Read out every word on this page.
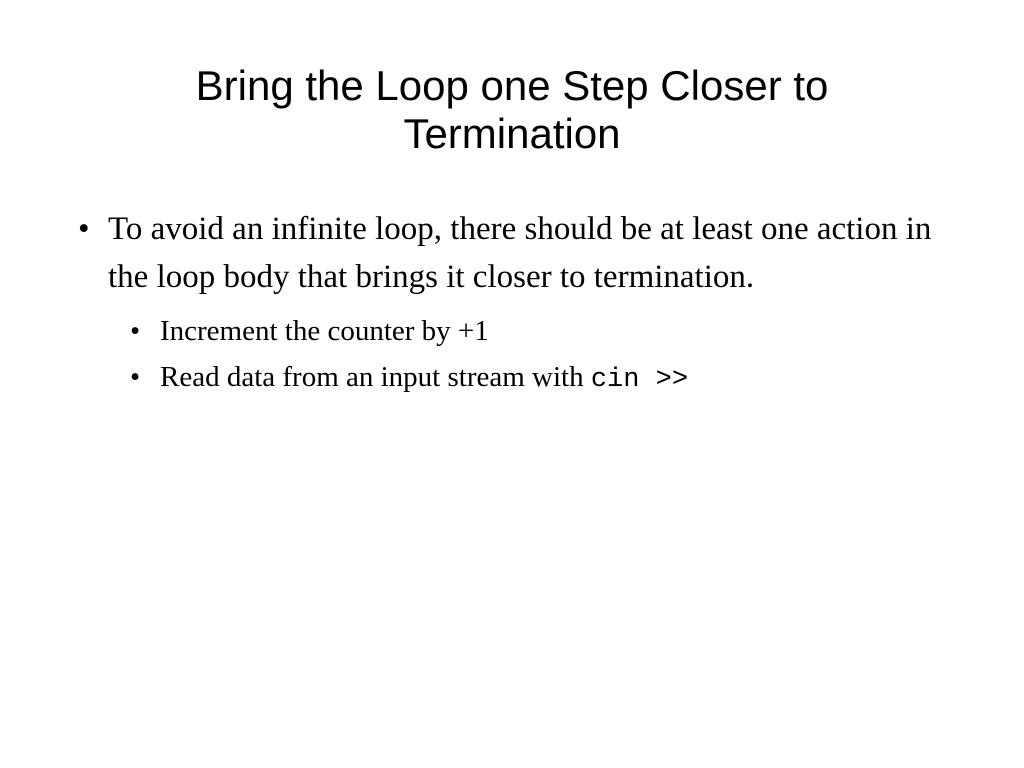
Bring the Loop one Step Closer to Termination
• To avoid an infinite loop, there should be at least one action in the loop body that brings it closer to termination.
• Increment the counter by +1
• Read data from an input stream with cin >>
